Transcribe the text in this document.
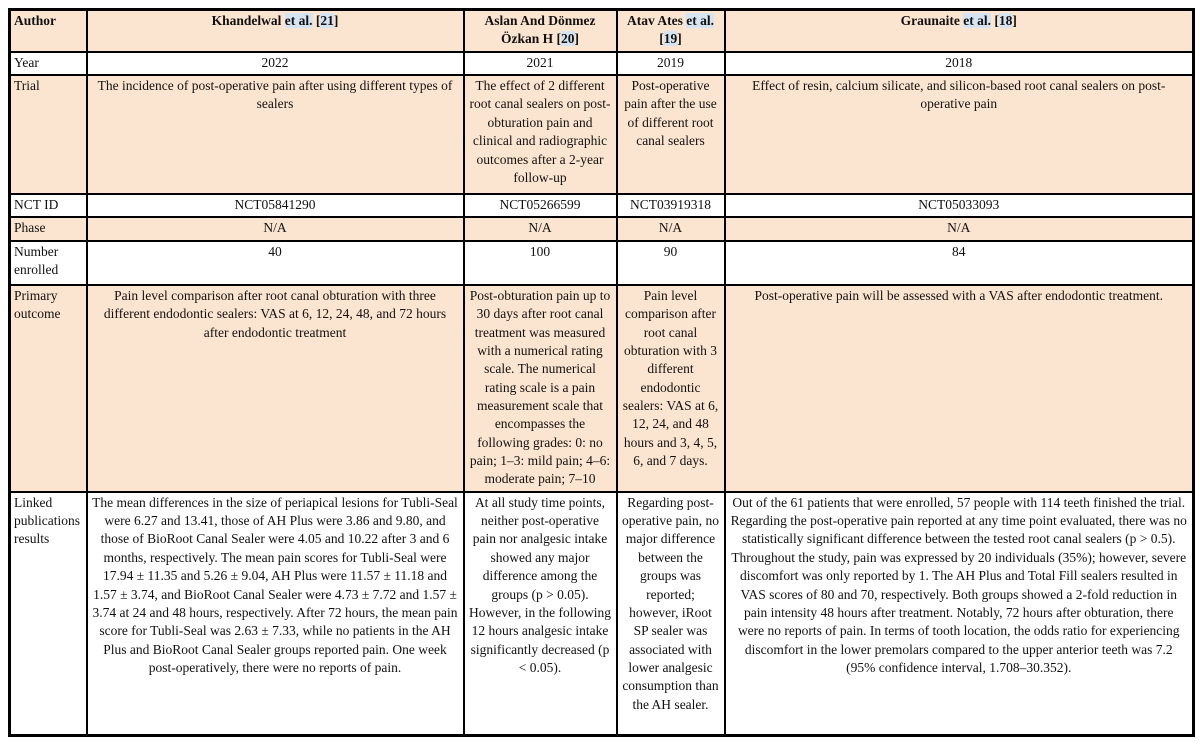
Author	Khandelwal et al. [21]	Aslan And Dönmez Özkan H [20]	Atav Ates et al. [19]	Graunaite et al. [18]
Year	2022	2021	2019	2018
Trial	The incidence of post-operative pain after using different types of sealers	The effect of 2 different root canal sealers on post-obturation pain and clinical and radiographic outcomes after a 2-year follow-up	Post-operative pain after the use of different root canal sealers	Effect of resin, calcium silicate, and silicon-based root canal sealers on post-operative pain
NCT ID	NCT05841290	NCT05266599	NCT03919318	NCT05033093
Phase	N/A	N/A	N/A	N/A
Number enrolled	40	100	90	84
Primary outcome	Pain level comparison after root canal obturation with three different endodontic sealers: VAS at 6, 12, 24, 48, and 72 hours after endodontic treatment	Post-obturation pain up to 30 days after root canal treatment was measured with a numerical rating scale. The numerical rating scale is a pain measurement scale that encompasses the following grades: 0: no pain; 1–3: mild pain; 4–6: moderate pain; 7–10	Pain level comparison after root canal obturation with 3 different endodontic sealers: VAS at 6, 12, 24, and 48 hours and 3, 4, 5, 6, and 7 days.	Post-operative pain will be assessed with a VAS after endodontic treatment.
Linked publications results	The mean differences in the size of periapical lesions for Tubli-Seal were 6.27 and 13.41, those of AH Plus were 3.86 and 9.80, and those of BioRoot Canal Sealer were 4.05 and 10.22 after 3 and 6 months, respectively. The mean pain scores for Tubli-Seal were 17.94 ± 11.35 and 5.26 ± 9.04, AH Plus were 11.57 ± 11.18 and 1.57 ± 3.74, and BioRoot Canal Sealer were 4.73 ± 7.72 and 1.57 ± 3.74 at 24 and 48 hours, respectively. After 72 hours, the mean pain score for Tubli-Seal was 2.63 ± 7.33, while no patients in the AH Plus and BioRoot Canal Sealer groups reported pain. One week post-operatively, there were no reports of pain.	At all study time points, neither post-operative pain nor analgesic intake showed any major difference among the groups (p > 0.05). However, in the following 12 hours analgesic intake significantly decreased (p < 0.05).	Regarding post-operative pain, no major difference between the groups was reported; however, iRoot SP sealer was associated with lower analgesic consumption than the AH sealer.	Out of the 61 patients that were enrolled, 57 people with 114 teeth finished the trial. Regarding the post-operative pain reported at any time point evaluated, there was no statistically significant difference between the tested root canal sealers (p > 0.5). Throughout the study, pain was expressed by 20 individuals (35%); however, severe discomfort was only reported by 1. The AH Plus and Total Fill sealers resulted in VAS scores of 80 and 70, respectively. Both groups showed a 2-fold reduction in pain intensity 48 hours after treatment. Notably, 72 hours after obturation, there were no reports of pain. In terms of tooth location, the odds ratio for experiencing discomfort in the lower premolars compared to the upper anterior teeth was 7.2 (95% confidence interval, 1.708–30.352).
